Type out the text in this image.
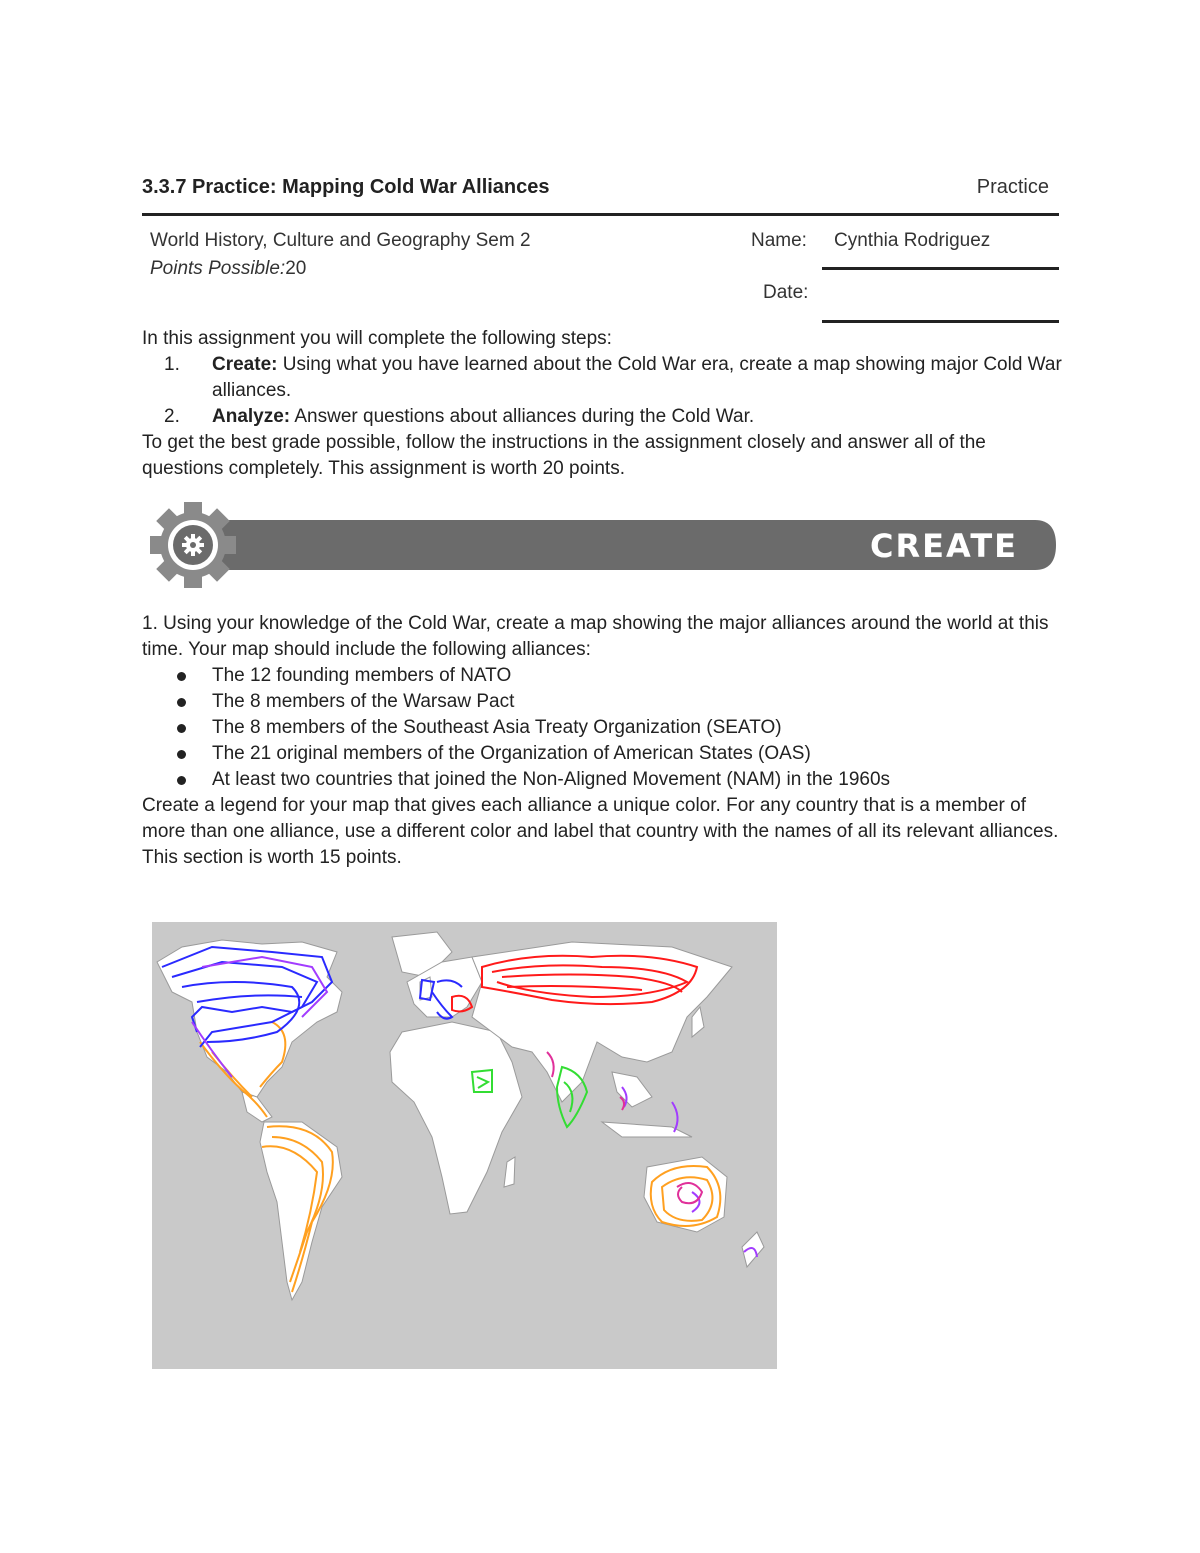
3.3.7 Practice: Mapping Cold War Alliances	Practice
World History, Culture and Geography Sem 2
Points Possible:20
Name: Cynthia Rodriguez
Date:
In this assignment you will complete the following steps:
1. Create: Using what you have learned about the Cold War era, create a map showing major Cold War alliances.
2. Analyze: Answer questions about alliances during the Cold War.
To get the best grade possible, follow the instructions in the assignment closely and answer all of the questions completely. This assignment is worth 20 points.
CREATE
1. Using your knowledge of the Cold War, create a map showing the major alliances around the world at this time. Your map should include the following alliances:
The 12 founding members of NATO
The 8 members of the Warsaw Pact
The 8 members of the Southeast Asia Treaty Organization (SEATO)
The 21 original members of the Organization of American States (OAS)
At least two countries that joined the Non-Aligned Movement (NAM) in the 1960s
Create a legend for your map that gives each alliance a unique color. For any country that is a member of more than one alliance, use a different color and label that country with the names of all its relevant alliances.
This section is worth 15 points.
